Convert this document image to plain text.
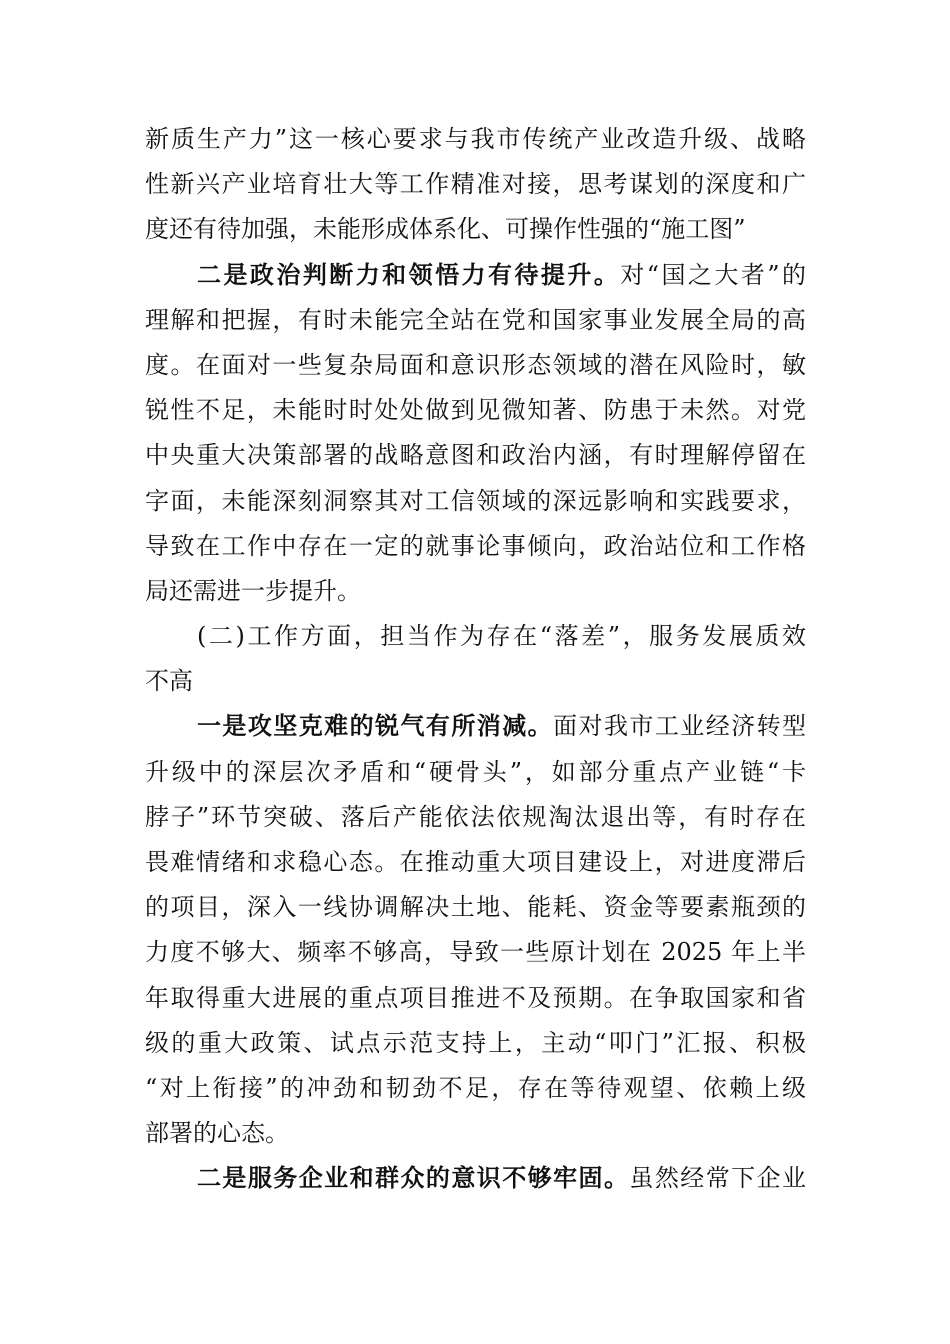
新质生产力”这一核心要求与我市传统产业改造升级、战略
性新兴产业培育壮大等工作精准对接，思考谋划的深度和广
度还有待加强，未能形成体系化、可操作性强的“施工图”
二是政治判断力和领悟力有待提升。对“国之大者”的
理解和把握，有时未能完全站在党和国家事业发展全局的高
度。在面对一些复杂局面和意识形态领域的潜在风险时，敏
锐性不足，未能时时处处做到见微知著、防患于未然。对党
中央重大决策部署的战略意图和政治内涵，有时理解停留在
字面，未能深刻洞察其对工信领域的深远影响和实践要求，
导致在工作中存在一定的就事论事倾向，政治站位和工作格
局还需进一步提升。
(二)工作方面，担当作为存在“落差”，服务发展质效
不高
一是攻坚克难的锐气有所消减。面对我市工业经济转型
升级中的深层次矛盾和“硬骨头”，如部分重点产业链“卡
脖子”环节突破、落后产能依法依规淘汰退出等，有时存在
畏难情绪和求稳心态。在推动重大项目建设上，对进度滞后
的项目，深入一线协调解决土地、能耗、资金等要素瓶颈的
力度不够大、频率不够高，导致一些原计划在 2025 年上半
年取得重大进展的重点项目推进不及预期。在争取国家和省
级的重大政策、试点示范支持上，主动“叩门”汇报、积极
“对上衔接”的冲劲和韧劲不足，存在等待观望、依赖上级
部署的心态。
二是服务企业和群众的意识不够牢固。虽然经常下企业
